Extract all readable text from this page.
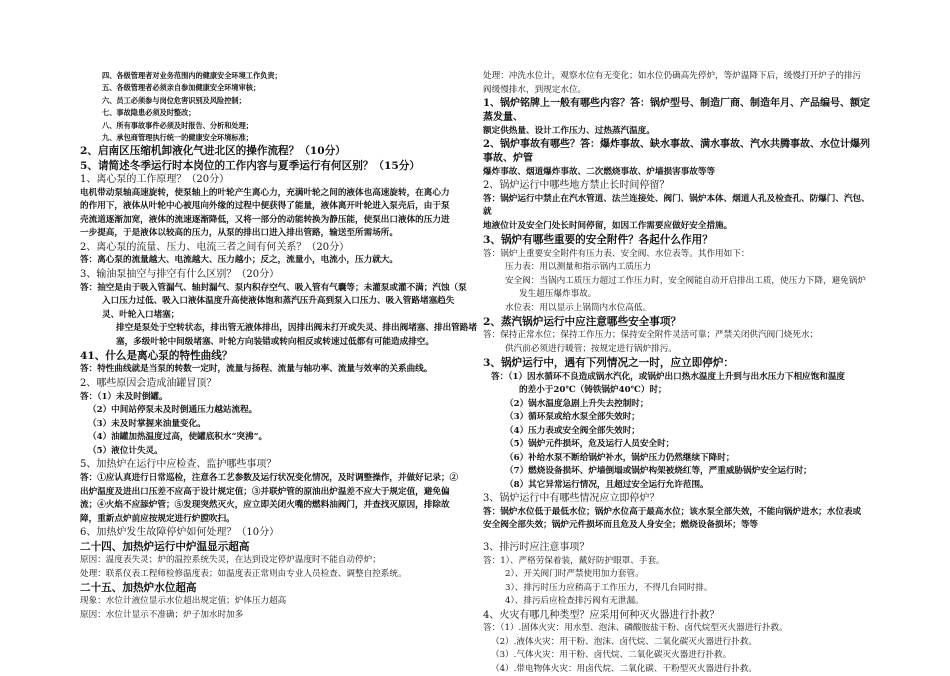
四、各级管理者对业务范围内的健康安全环境工作负责；

五、各级管理者必须亲自参加健康安全环境审核；

六、员工必须参与岗位危害识别及风险控制；

七、事故隐患必须及时整改；

八、所有事故事件必须及时报告、分析和处理；

九、承包商管理执行统一的健康安全环境标准；

2、启南区压缩机卸液化气进北区的操作流程？（10分）

5、请简述冬季运行时本岗位的工作内容与夏季运行有何区别？（15分）

1、离心泵的工作原理？（20分）

电机带动泵轴高速旋转，使泵轴上的叶轮产生离心力，充满叶轮之间的液体也高速旋转，在离心力

的作用下，液体从叶轮中心被甩向外缘的过程中便获得了能量，液体离开叶轮进入泵壳后，由于泵

壳流道逐渐加宽，液体的流速逐渐降低，又将一部分的动能转换为静压能，使泵出口液体的压力进

一步提高，于是液体以较高的压力，从泵的排出口进入排出管路，输送至所需场所。

2、离心泵的流量、压力、电流三者之间有何关系？（20分）

答：离心泵的流量越大、电流越大、压力越小；反之，流量小，电流小，压力就大。

3、输油泵抽空与排空有什么区别？（20分）

答：抽空是由于吸入管漏气、轴封漏气、泵内积存空气、吸入管有气囊等；未灌泵或灌不满；汽蚀（泵

入口压力过低、吸入口液体温度升高使液体饱和蒸汽压升高到泵入口压力、吸入管路堵塞趋失

灵、叶轮入口堵塞；

排空是泵处于空转状态，排出管无液体排出，因排出阀未打开或失灵、排出阀堵塞、排出管路堵

塞，多级叶轮中间级堵塞、叶轮方向装错或转向相反或转速过低都有可能造成排空。

41、什么是离心泵的特性曲线？

答：特性曲线就是当泵的转数一定时，流量与扬程、流量与轴功率、流量与效率的关系曲线。

2、哪些原因会造成油罐冒顶？

答：（1）未及时倒罐。

（2）中间站停泵未及时倒通压力越站流程。

（3）未及时掌握来油量变化。

（4）油罐加热温度过高，使罐底积水“突沸”。

（5）液位计失灵。

5、加热炉在运行中应检查、监护哪些事项？

答：①应认真进行日常巡检，注意各工艺参数及运行状况变化情况，及时调整操作，并做好记录；②

出炉温度及进出口压差不应高于设计规定值；③并联炉管的原油出炉温差不应大于规定值，避免偏

流；④火焰不应舔炉管；⑤发现突然灭火，应立即关闭火嘴的燃料油阀门，并查找灭原因，排除故

障，重新点炉前应按规定进行炉膛吹扫。

6、加热炉发生故障停炉如何处理？（10分）

二十四、加热炉运行中炉温显示超高

原因：温度表失灵；炉的温控系统失灵，在达到设定停炉温度时不能自动停炉；

处理：联系仪表工程师检修温度表；如温度表正常则由专业人员检查、调整自控系统。

二十五、加热炉水位超高

现象：水位计液位显示水位超出规定值；炉体压力超高

原因：水位计显示不准确；炉子加水时加多

处理：冲洗水位计，观察水位有无变化；如水位仍确高先停炉，等炉温降下后，缓慢打开炉子的排污

阀缓慢排水，到规定水位。

1、锅炉铭牌上一般有哪些内容？答：锅炉型号、制造厂商、制造年月、产品编号、额定蒸发量、

额定供热量、设计工作压力、过热蒸汽温度。

2、锅炉事故有哪些？答：爆炸事故、缺水事故、满水事故、汽水共腾事故、水位计爆列事故、炉管

爆炸事故、烟道爆炸事故、二次燃烧事故、炉墙损害事故等等

2、锅炉运行中哪些地方禁止长时间停留？

答：锅炉运行中禁止在汽水管道、法兰连接处、阀门、锅炉本体、烟道人孔及检查孔、防爆门、汽包、就

地液位计及安全门处长时间停留，如因工作需要应做好安全措施。

3、锅炉有哪些重要的安全附件？各起什么作用？

答：锅炉上重要安全附件有压力表、安全阀、水位表等。其作用如下：

压力表：用以测量和指示锅内工质压力

安全阀：当锅内工质压力超过工作压力时，安全阀能自动开启排出工质，使压力下降，避免锅炉

发生超压爆炸事故。

水位表：用以显示上锅筒内水位高低。

2、蒸汽锅炉运行中应注意哪些安全事项？

答：保持正常水位；保持工作压力；保持安全附件灵活可靠；严禁关闭供汽阀门烧死水；

供汽前必须进行暖管；按规定进行锅炉排污。

3、锅炉运行中，遇有下列情况之一时，应立即停炉：

答：（1）因水循环不良造成锅水汽化，或锅炉出口热水温度上升到与出水压力下相应饱和温度

的差小于20℃（铸铁锅炉40℃）时；

（2）锅水温度急剧上升失去控制时；

（3）循环泵或给水泵全部失效时；

（4）压力表或安全阀全部失效时；

（5）锅炉元件损坏，危及运行人员安全时；

（6）补给水泵不断给锅炉补水，锅炉压力仍然继续下降时；

（7）燃烧设备损坏、炉墙倒塌或锅炉构架被烧红等，严重威胁锅炉安全运行时；

（8）其它异常运行情况，且超过安全运行允许范围。

3、锅炉运行中有哪些情况应立即停炉？

答：锅炉水位低于最低水位；锅炉水位高于最高水位；该水泵全部失效，不能向锅炉进水；水位表或

安全阀全部失效；锅炉元件损坏而且危及人身安全；燃烧设备损坏；等等

3、排污时应注意事项？

答：1）、严格劳保着装，戴好防护眼罩、手套。

2）、开关阀门时严禁使用加力套管。

3）、排污时压力应稍高于工作压力，不得几台同时排。

4）、排污后应检查排污阀有无泄漏。

4、火灾有哪几种类型？应采用何种灭火器进行扑救？

答：（1）.固体火灾：用水型、泡沫、磷酸胺盐干粉、卤代烷型灭火器进行扑救。

（2）.液体火灾：用干粉、泡沫、卤代烷、二氧化碳灭火器进行扑救。

（3）.气体火灾：用干粉、卤代烷、二氧化碳灭火器进行扑救。

（4）.带电物体火灾：用卤代烷、二氧化碳、干粉型灭火器进行扑救。
